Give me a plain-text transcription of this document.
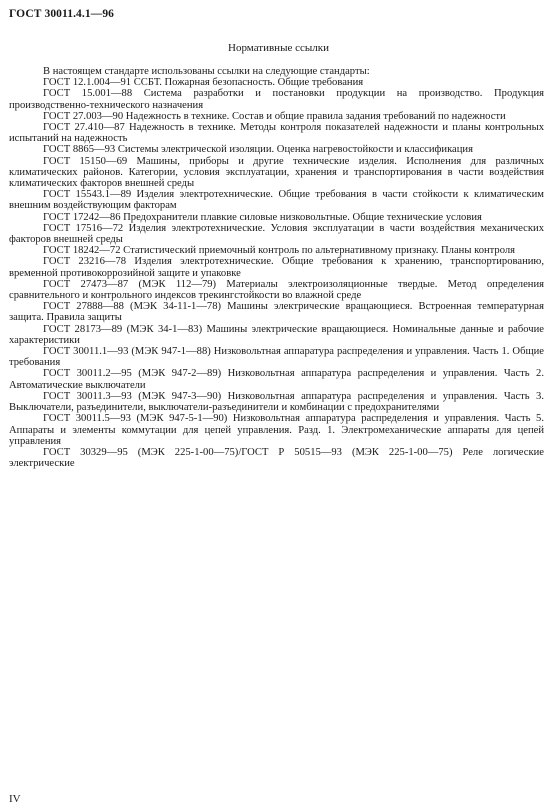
ГОСТ 30011.4.1—96
Нормативные ссылки

В настоящем стандарте использованы ссылки на следующие стандарты:

ГОСТ 12.1.004—91 ССБТ. Пожарная безопасность. Общие требования

ГОСТ 15.001—88 Система разработки и постановки продукции на производство. Продукция производственно-технического назначения

ГОСТ 27.003—90 Надежность в технике. Состав и общие правила задания требований по надежности

ГОСТ 27.410—87 Надежность в технике. Методы контроля показателей надежности и планы контрольных испытаний на надежность

ГОСТ 8865—93 Системы электрической изоляции. Оценка нагревостойкости и классификация

ГОСТ 15150—69 Машины, приборы и другие технические изделия. Исполнения для различных климатических районов. Категории, условия эксплуатации, хранения и транспортирования в части воздействия климатических факторов внешней среды

ГОСТ 15543.1—89 Изделия электротехнические. Общие требования в части стойкости к климатическим внешним воздействующим факторам

ГОСТ 17242—86 Предохранители плавкие силовые низковольтные. Общие технические условия

ГОСТ 17516—72 Изделия электротехнические. Условия эксплуатации в части воздействия механических факторов внешней среды

ГОСТ 18242—72 Статистический приемочный контроль по альтернативному признаку. Планы контроля

ГОСТ 23216—78 Изделия электротехнические. Общие требования к хранению, транспортированию, временной противокоррозийной защите и упаковке

ГОСТ 27473—87 (МЭК 112—79) Материалы электроизоляционные твердые. Метод определения сравнительного и контрольного индексов трекингстойкости во влажной среде

ГОСТ 27888—88 (МЭК 34-11-1—78) Машины электрические вращающиеся. Встроенная температурная защита. Правила защиты

ГОСТ 28173—89 (МЭК 34-1—83) Машины электрические вращающиеся. Номинальные данные и рабочие характеристики

ГОСТ 30011.1—93 (МЭК 947-1—88) Низковольтная аппаратура распределения и управления. Часть 1. Общие требования

ГОСТ 30011.2—95 (МЭК 947-2—89) Низковольтная аппаратура распределения и управления. Часть 2. Автоматические выключатели

ГОСТ 30011.3—93 (МЭК 947-3—90) Низковольтная аппаратура распределения и управления. Часть 3. Выключатели, разъединители, выключатели-разъединители и комбинации с предохранителями

ГОСТ 30011.5—93 (МЭК 947-5-1—90) Низковольтная аппаратура распределения и управления. Часть 5. Аппараты и элементы коммутации для цепей управления. Разд. 1. Электромеханические аппараты для цепей управления

ГОСТ 30329—95 (МЭК 225-1-00—75)/ГОСТ Р 50515—93 (МЭК 225-1-00—75) Реле логические электрические

IV
